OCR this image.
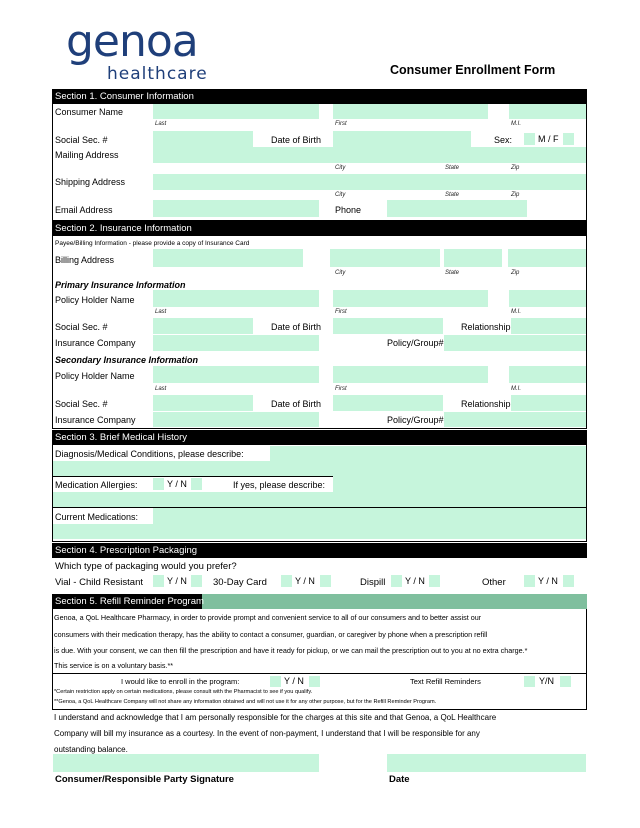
genoa
healthcare	Consumer Enrollment Form
Section 1. Consumer Information
Consumer Name
Last	First	M.I.
Social Sec. #	Date of Birth	Sex:	M / F
Mailing Address
City	State	Zip
Shipping Address
City	State	Zip
Email Address	Phone
Section 2. Insurance Information
Payee/Billing Information - please provide a copy of Insurance Card
Billing Address
City	State	Zip
Primary Insurance Information
Policy Holder Name
Last	First	M.I.
Social Sec. #	Date of Birth	Relationship
Insurance Company	Policy/Group#
Secondary Insurance Information
Policy Holder Name
Last	First	M.I.
Social Sec. #	Date of Birth	Relationship
Insurance Company	Policy/Group#
Section 3. Brief Medical History
Diagnosis/Medical Conditions, please describe:
Medication Allergies:	Y / N	If yes, please describe:
Current Medications:
Section 4. Prescription Packaging
Which type of packaging would you prefer?
Vial - Child Resistant	Y / N	30-Day Card	Y / N	Dispill Y / N	Other	Y / N
Section 5. Refill Reminder Program
Genoa, a QoL Healthcare Pharmacy, in order to provide prompt and convenient service to all of our consumers and to better assist our
consumers with their medication therapy, has the ability to contact a consumer, guardian, or caregiver by phone when a prescription refill
is due. With your consent, we can then fill the prescription and have it ready for pickup, or we can mail the prescription out to you at no extra charge.*
This service is on a voluntary basis.**
I would like to enroll in the program:	Y / N	Text Refill Reminders	Y/N
*Certain restriction apply on certain medications, please consult with the Pharmacist to see if you qualify.
**Genoa, a QoL Healthcare Company will not share any information obtained and will not use it for any other purpose, but for the Refill Reminder Program.
I understand and acknowledge that I am personally responsible for the charges at this site and that Genoa, a QoL Healthcare
Company will bill my insurance as a courtesy. In the event of non-payment, I understand that I will be responsible for any
outstanding balance.
Consumer/Responsible Party Signature	Date
